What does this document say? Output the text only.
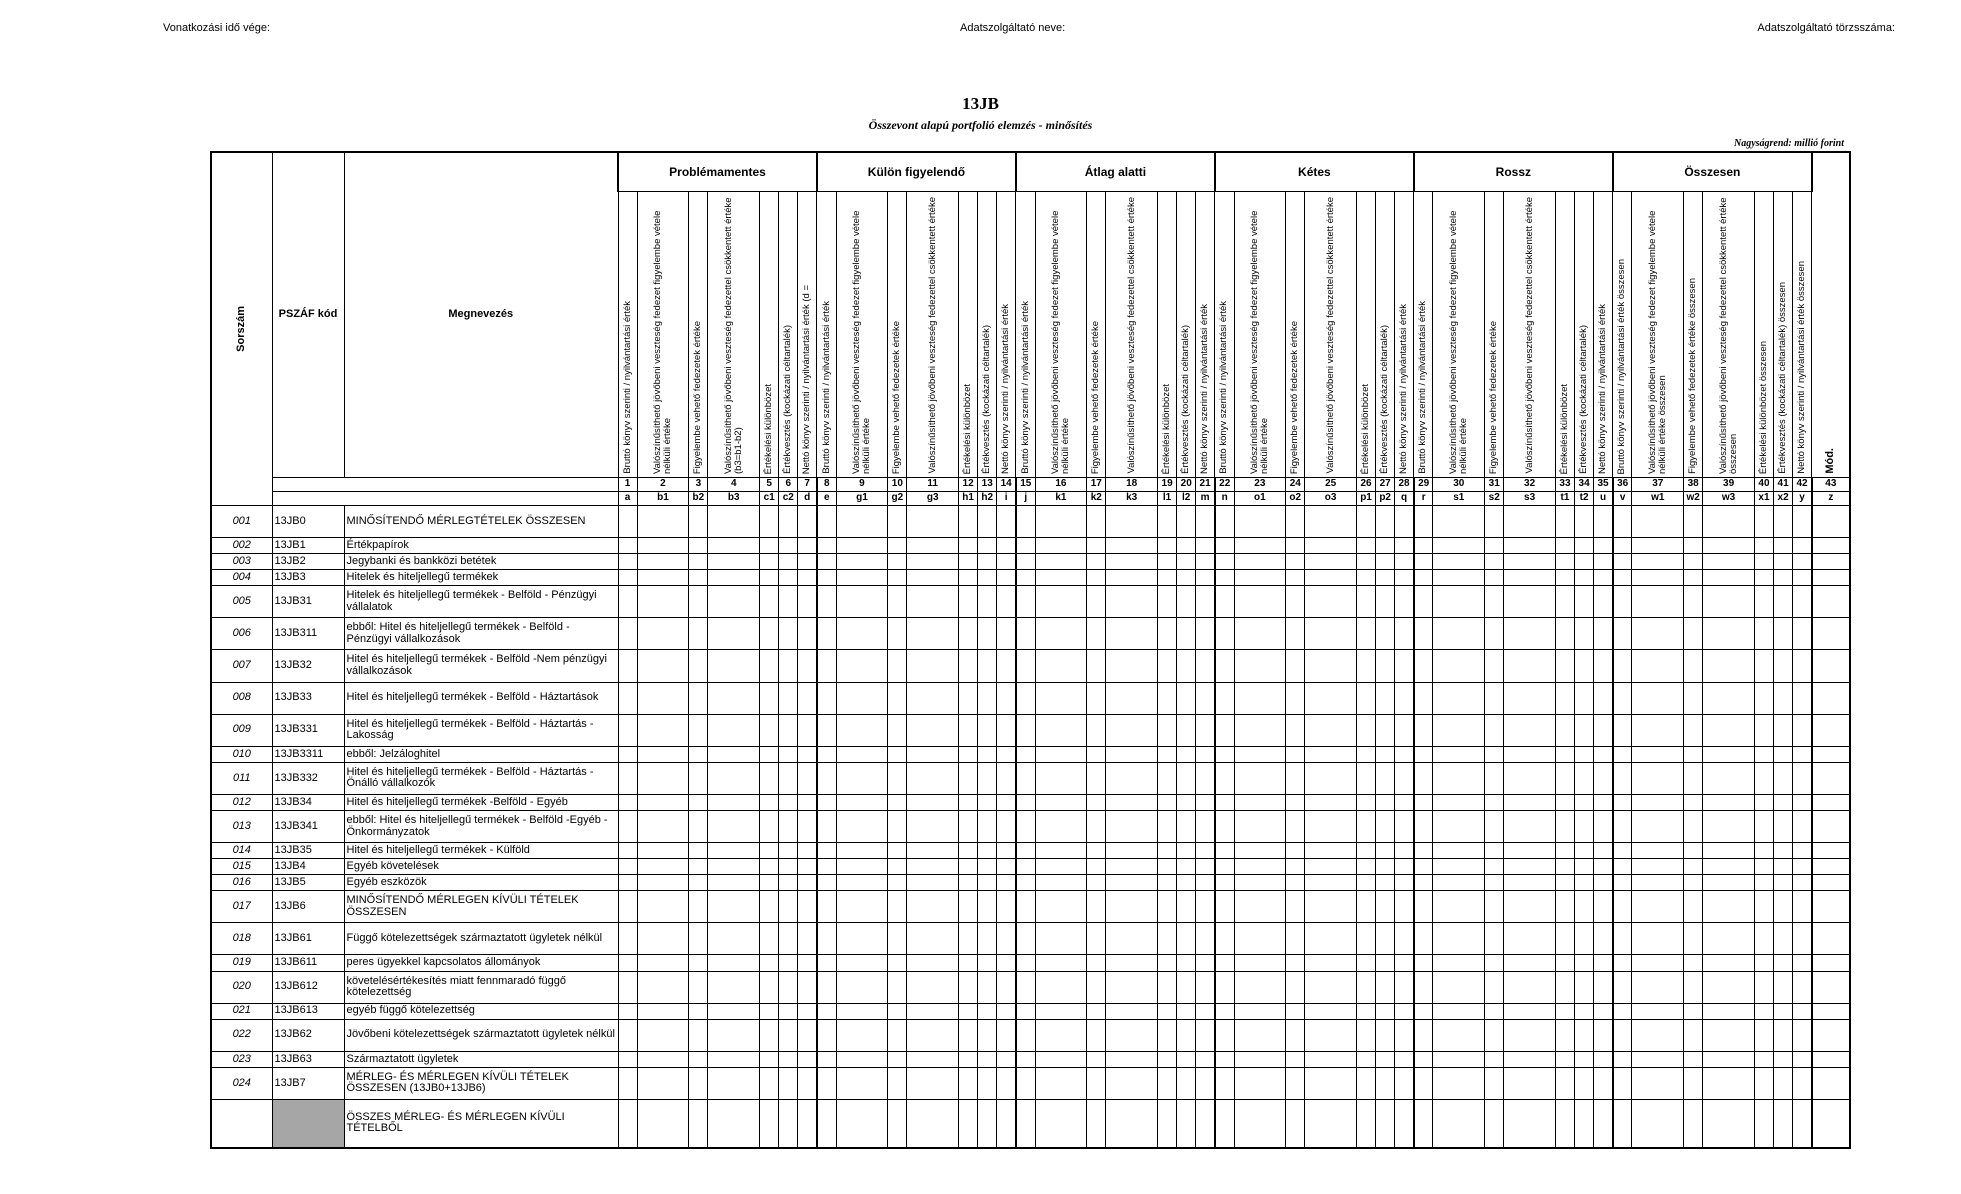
Vonatkozási idő vége:	Adatszolgáltató neve:	Adatszolgáltató törzsszáma:
13JB
Összevont alapú portfolió elemzés - minősítés
Nagyságrend: millió forint
Sorszám	PSZÁF kód	Megnevezés	Problémamentes							Külön figyelendő							Átlag alatti							Kétes							Rossz							Összesen							Mód.

			Bruttó könyv szerinti / nyilvántartási érték	Valószínűsíthető jövőbeni veszteség fedezet figyelembe vétele nélküli értéke	Figyelembe vehető fedezetek értéke	Valószínűsíthető jövőbeni veszteség fedezettel csökkentett értéke (b3=b1-b2)	Értékelési különbözet	Értékvesztés (kockázati céltartalék)	Nettó könyv szerinti / nyilvántartási érték (d =	Bruttó könyv szerinti / nyilvántartási érték	Valószínűsíthető jövőbeni veszteség fedezet figyelembe vétele nélküli értéke	Figyelembe vehető fedezetek értéke	Valószínűsíthető jövőbeni veszteség fedezettel csökkentett értéke	Értékelési különbözet	Értékvesztés (kockázati céltartalék)	Nettó könyv szerinti / nyilvántartási érték	Bruttó könyv szerinti / nyilvántartási érték	Valószínűsíthető jövőbeni veszteség fedezet figyelembe vétele nélküli értéke	Figyelembe vehető fedezetek értéke	Valószínűsíthető jövőbeni veszteség fedezettel csökkentett értéke	Értékelési különbözet	Értékvesztés (kockázati céltartalék)	Nettó könyv szerinti / nyilvántartási érték	Bruttó könyv szerinti / nyilvántartási érték	Valószínűsíthető jövőbeni veszteség fedezet figyelembe vétele nélküli értéke	Figyelembe vehető fedezetek értéke	Valószínűsíthető jövőbeni veszteség fedezettel csökkentett értéke	Értékelési különbözet	Értékvesztés (kockázati céltartalék)	Nettó könyv szerinti / nyilvántartási érték	Bruttó könyv szerinti / nyilvántartási érték	Valószínűsíthető jövőbeni veszteség fedezet figyelembe vétele nélküli értéke	Figyelembe vehető fedezetek értéke	Valószínűsíthető jövőbeni veszteség fedezettel csökkentett értéke	Értékelési különbözet	Értékvesztés (kockázati céltartalék)	Nettó könyv szerinti / nyilvántartási érték	Bruttó könyv szerinti / nyilvántartási érték összesen	Valószínűsíthető jövőbeni veszteség fedezet figyelembe vétele nélküli értéke összesen	Figyelembe vehető fedezetek értéke összesen	Valószínűsíthető jövőbeni veszteség fedezettel csökkentett értéke összesen	Értékelési különbözet összesen	Értékvesztés (kockázati céltartalék) összesen	Nettó könyv szerinti / nyilvántartási érték összesen	

			1	2	3	4	5	6	7	8	9	10	11	12	13	14	15	16	17	18	19	20	21	22	23	24	25	26	27	28	29	30	31	32	33	34	35	36	37	38	39	40	41	42	43
			a	b1	b2	b3	c1	c2	d	e	g1	g2	g3	h1	h2	i	j	k1	k2	k3	l1	l2	m	n	o1	o2	o3	p1	p2	q	r	s1	s2	s3	t1	t2	u	v	w1	w2	w3	x1	x2	y	z
001	13JB0	MINŐSÍTENDŐ MÉRLEGTÉTELEK ÖSSZESEN																																											
002	13JB1	Értékpapírok																																											
003	13JB2	Jegybanki és bankközi betétek																																											
004	13JB3	Hitelek és hiteljellegű termékek																																											
005	13JB31	Hitelek és hiteljellegű termékek - Belföld - Pénzügyi vállalatok																																											
006	13JB311	ebből: Hitel és hiteljellegű termékek - Belföld - Pénzügyi vállalkozások																																											
007	13JB32	Hitel és hiteljellegű termékek - Belföld -Nem pénzügyi vállalkozások																																											
008	13JB33	Hitel és hiteljellegű termékek - Belföld - Háztartások																																											
009	13JB331	Hitel és hiteljellegű termékek - Belföld - Háztartás - Lakosság																																											
010	13JB3311	ebből: Jelzáloghitel																																											
011	13JB332	Hitel és hiteljellegű termékek - Belföld - Háztartás - Önálló vállalkozók																																											
012	13JB34	Hitel és hiteljellegű termékek -Belföld - Egyéb																																											
013	13JB341	ebből: Hitel és hiteljellegű termékek - Belföld -Egyéb - Önkormányzatok																																											
014	13JB35	Hitel és hiteljellegű termékek - Külföld																																											
015	13JB4	Egyéb követelések																																											
016	13JB5	Egyéb eszközök																																											
017	13JB6	MINŐSÍTENDŐ MÉRLEGEN KÍVÜLI TÉTELEK ÖSSZESEN																																											
018	13JB61	Függő kötelezettségek származtatott ügyletek nélkül																																											
019	13JB611	peres ügyekkel kapcsolatos állományok																																											
020	13JB612	követelésértékesítés miatt fennmaradó függő kötelezettség																																											
021	13JB613	egyéb függő kötelezettség																																											
022	13JB62	Jövőbeni kötelezettségek származtatott ügyletek nélkül																																											
023	13JB63	Származtatott ügyletek																																											
024	13JB7	MÉRLEG- ÉS MÉRLEGEN KÍVÜLI TÉTELEK ÖSSZESEN (13JB0+13JB6)																																											
		ÖSSZES MÉRLEG- ÉS MÉRLEGEN KÍVÜLI TÉTELBŐL																																											
